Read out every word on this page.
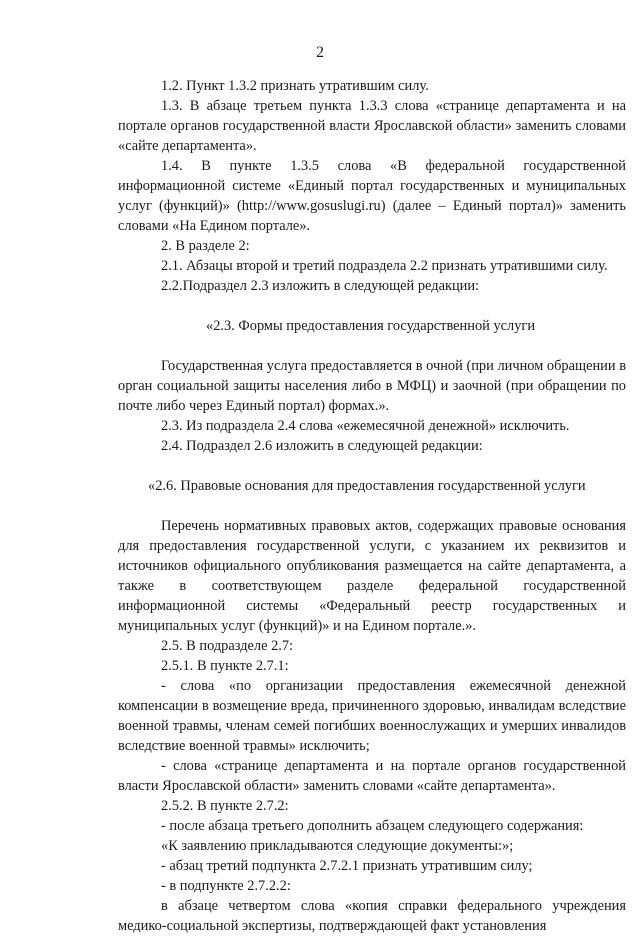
2

1.2. Пункт 1.3.2 признать утратившим силу.

1.3. В абзаце третьем пункта 1.3.3 слова «странице департамента и на портале органов государственной власти Ярославской области» заменить словами «сайте департамента».

1.4. В пункте 1.3.5 слова «В федеральной государственной информационной системе «Единый портал государственных и муниципальных услуг (функций)» (http://www.gosuslugi.ru) (далее – Единый портал)» заменить словами «На Едином портале».

2. В разделе 2:

2.1. Абзацы второй и третий подраздела 2.2 признать утратившими силу.

2.2.Подраздел 2.3 изложить в следующей редакции:

«2.3. Формы предоставления государственной услуги

Государственная услуга предоставляется в очной (при личном обращении в орган социальной защиты населения либо в МФЦ) и заочной (при обращении по почте либо через Единый портал) формах.».

2.3. Из подраздела 2.4 слова «ежемесячной денежной» исключить.

2.4. Подраздел 2.6 изложить в следующей редакции:

«2.6. Правовые основания для предоставления государственной услуги

Перечень нормативных правовых актов, содержащих правовые основания для предоставления государственной услуги, с указанием их реквизитов и источников официального опубликования размещается на сайте департамента, а также в соответствующем разделе федеральной государственной информационной системы «Федеральный реестр государственных и муниципальных услуг (функций)» и на Едином портале.».

2.5. В подразделе 2.7:

2.5.1. В пункте 2.7.1:

- слова «по организации предоставления ежемесячной денежной компенсации в возмещение вреда, причиненного здоровью, инвалидам вследствие военной травмы, членам семей погибших военнослужащих и умерших инвалидов вследствие военной травмы» исключить;

- слова «странице департамента и на портале органов государственной власти Ярославской области» заменить словами «сайте департамента».

2.5.2. В пункте 2.7.2:

- после абзаца третьего дополнить абзацем следующего содержания:

«К заявлению прикладываются следующие документы:»;

- абзац третий подпункта 2.7.2.1 признать утратившим силу;

- в подпункте 2.7.2.2:

в абзаце четвертом слова «копия справки федерального учреждения медико-социальной экспертизы, подтверждающей факт установления
